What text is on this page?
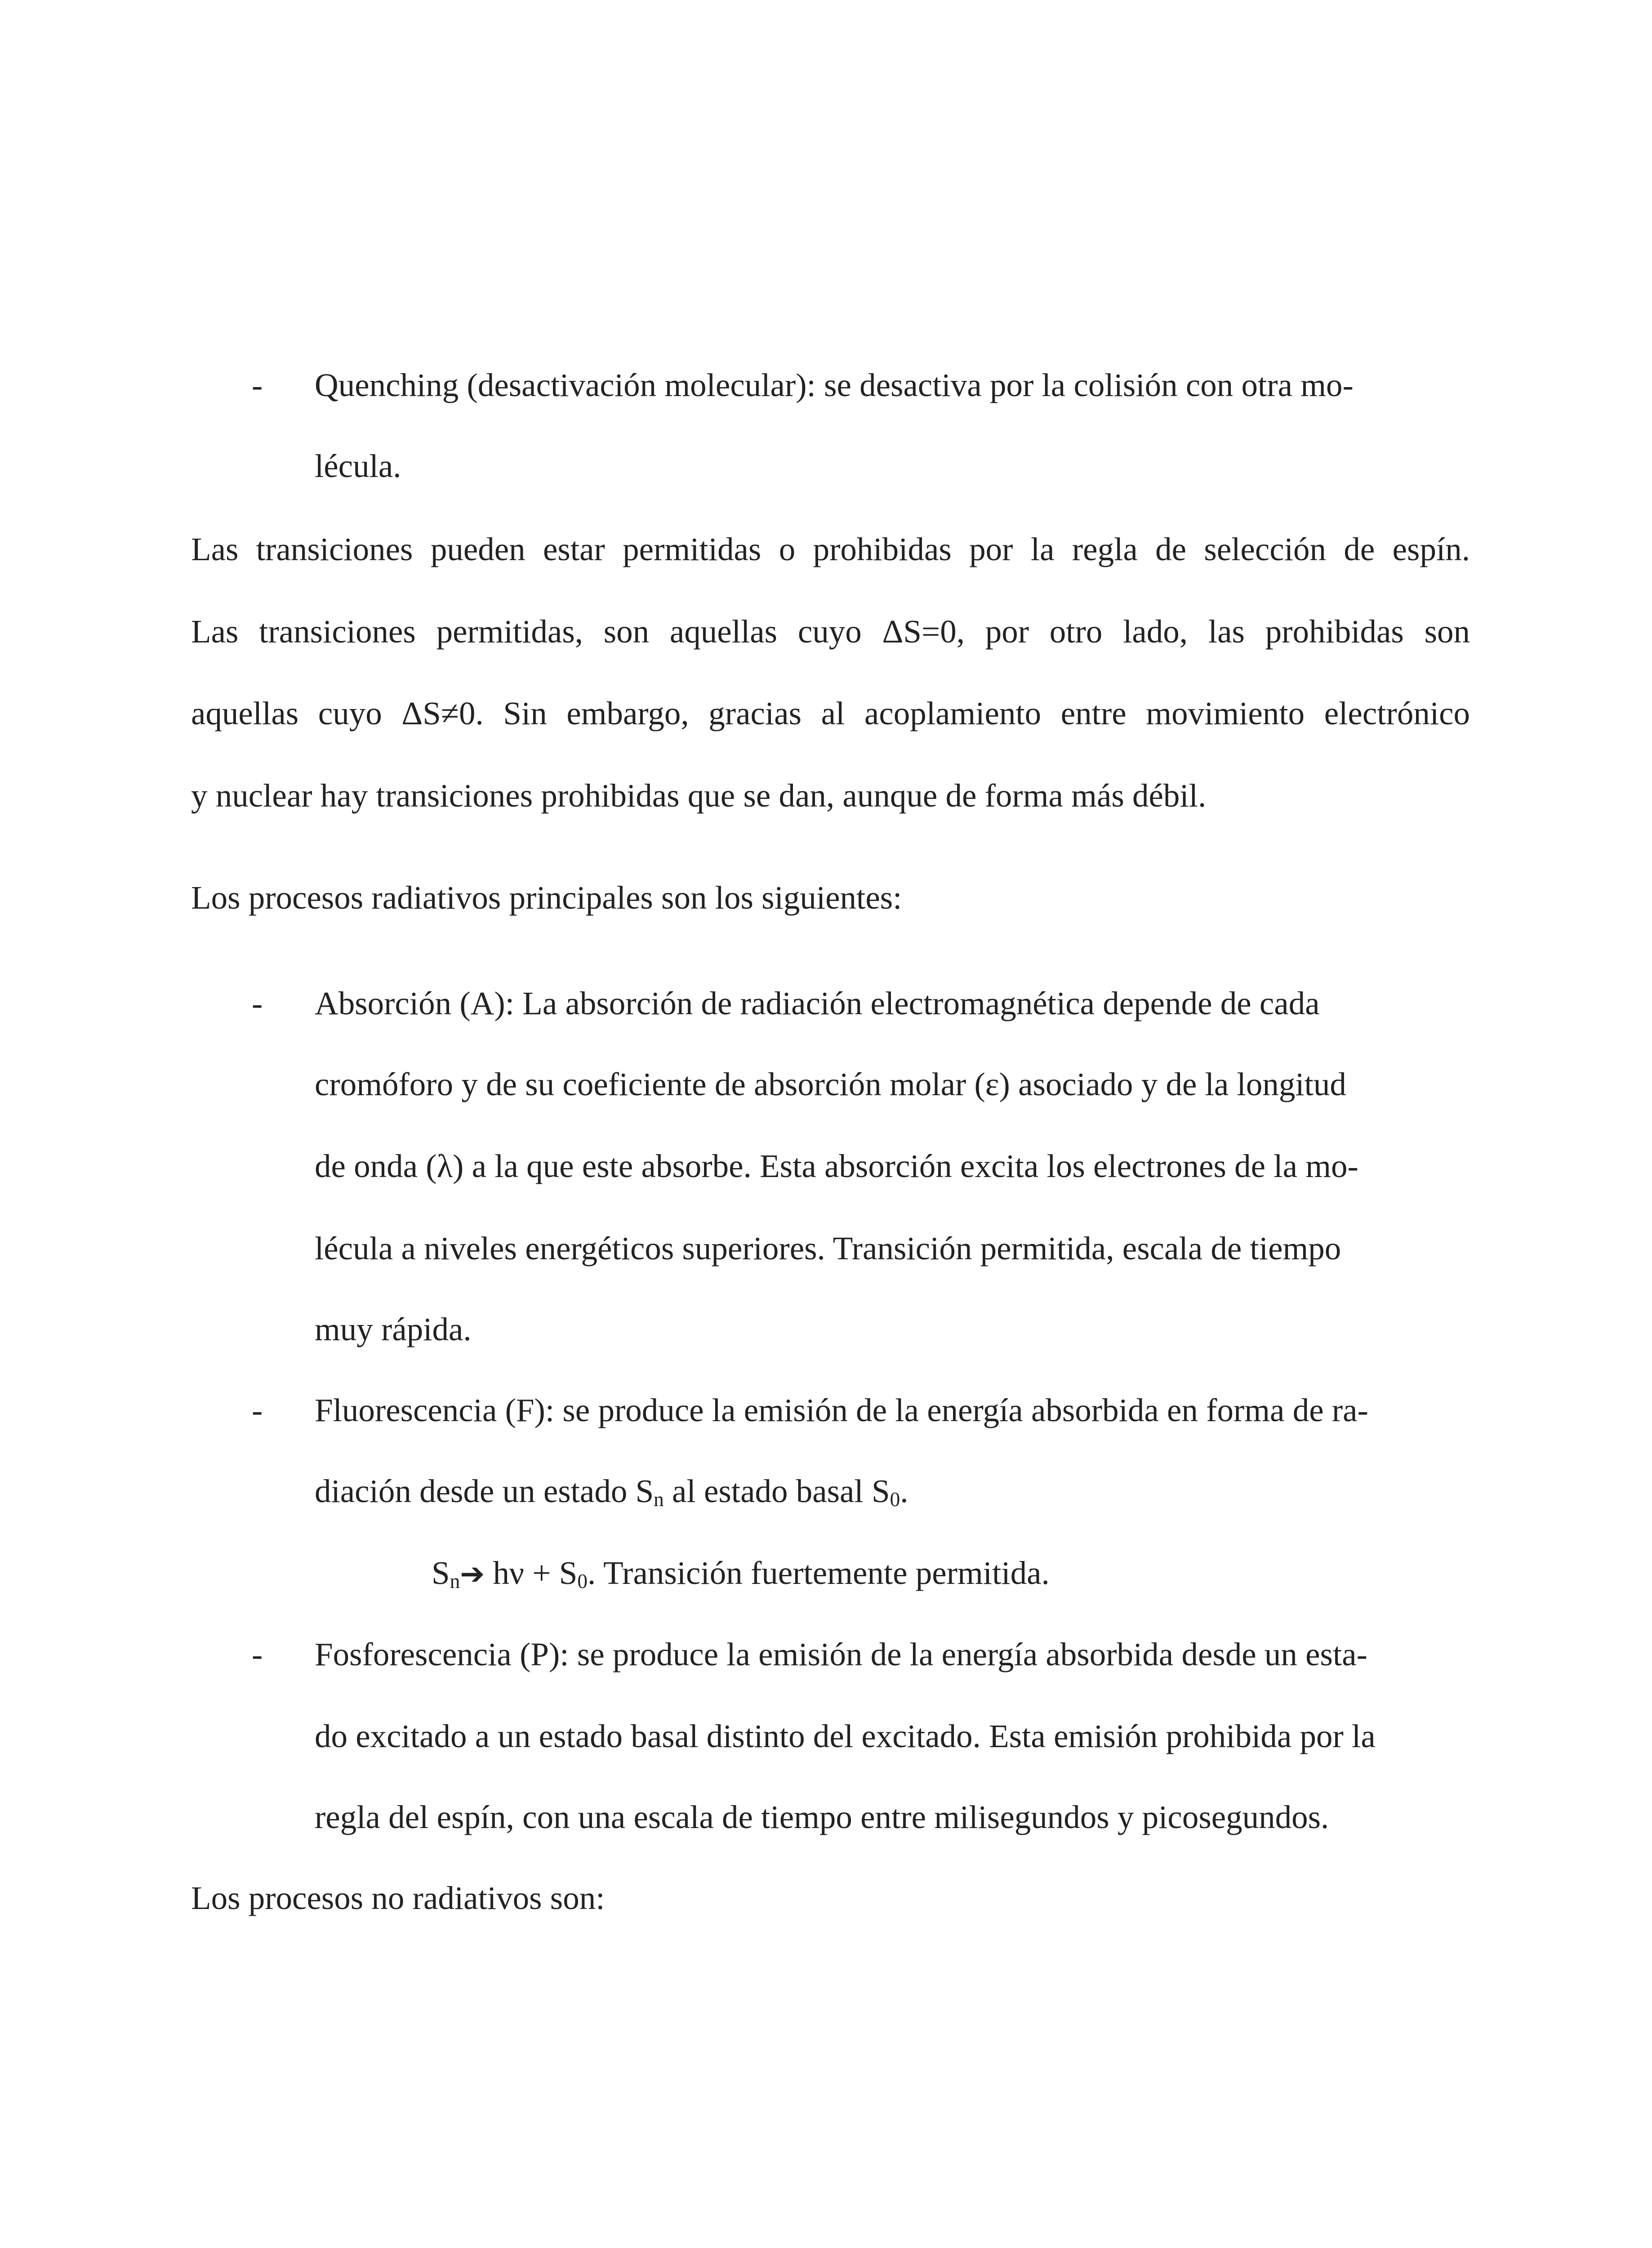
- Quenching (desactivación molecular): se desactiva por la colisión con otra mo-
lécula.
Las transiciones pueden estar permitidas o prohibidas por la regla de selección de espín.
Las transiciones permitidas, son aquellas cuyo ΔS=0, por otro lado, las prohibidas son
aquellas cuyo ΔS≠0. Sin embargo, gracias al acoplamiento entre movimiento electrónico
y nuclear hay transiciones prohibidas que se dan, aunque de forma más débil.
Los procesos radiativos principales son los siguientes:
- Absorción (A): La absorción de radiación electromagnética depende de cada
cromóforo y de su coeficiente de absorción molar (ε) asociado y de la longitud
de onda (λ) a la que este absorbe. Esta absorción excita los electrones de la mo-
lécula a niveles energéticos superiores. Transición permitida, escala de tiempo
muy rápida.
- Fluorescencia (F): se produce la emisión de la energía absorbida en forma de ra-
diación desde un estado $S_n$ al estado basal $S_0$.
$S_n➔$ $h\nu + S_0$. Transición fuertemente permitida.
- Fosforescencia (P): se produce la emisión de la energía absorbida desde un esta-
do excitado a un estado basal distinto del excitado. Esta emisión prohibida por la
regla del espín, con una escala de tiempo entre milisegundos y picosegundos.
Los procesos no radiativos son:
